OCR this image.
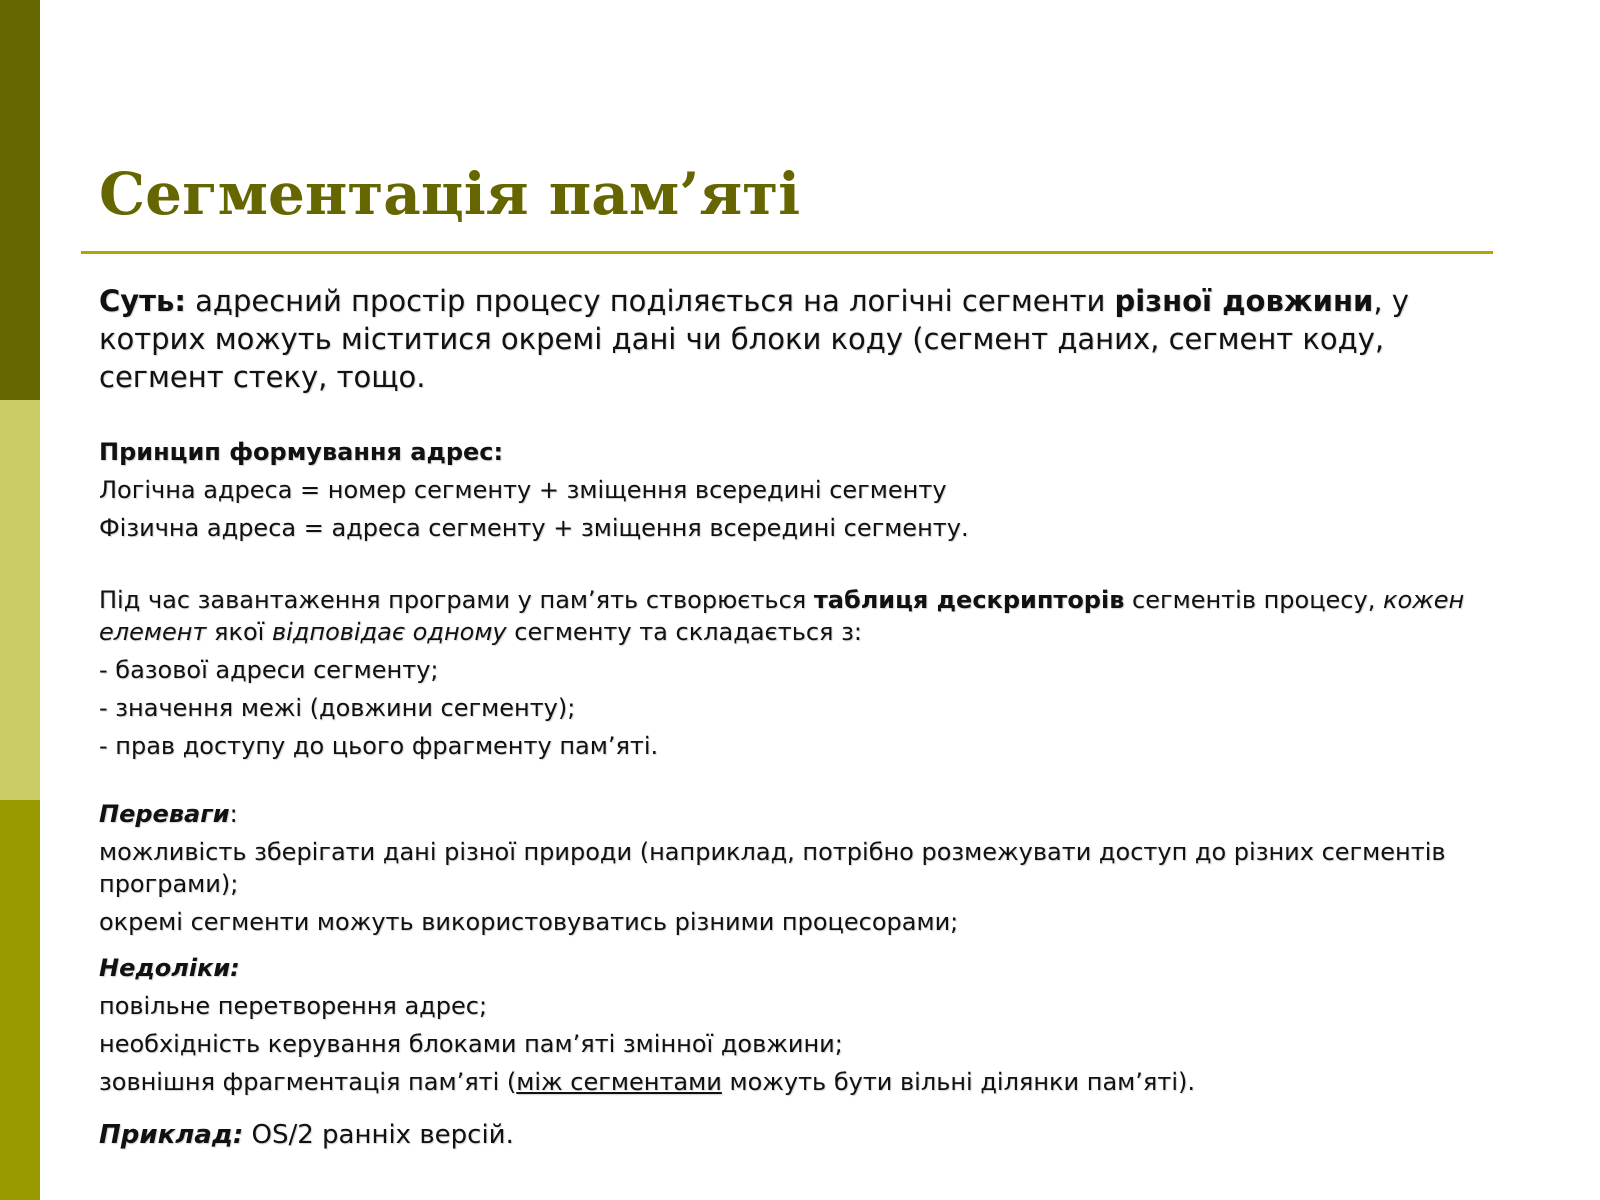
Сегментація пам’яті

Суть: адресний простір процесу поділяється на логічні сегменти різної довжини, у котрих можуть міститися окремі дані чи блоки коду (сегмент даних, сегмент коду, сегмент стеку, тощо.

Принцип формування адрес:

Логічна адреса = номер сегменту + зміщення всередині сегменту

Фізична адреса = адреса сегменту + зміщення всередині сегменту.

Під час завантаження програми у пам’ять створюється таблиця дескрипторів сегментів процесу, кожен елемент якої відповідає одному сегменту та складається з:

- базової адреси сегменту;

- значення межі (довжини сегменту);

- прав доступу до цього фрагменту пам’яті.

Переваги:

можливість зберігати дані різної природи (наприклад, потрібно розмежувати доступ до різних сегментів програми);

окремі сегменти можуть використовуватись різними процесорами;

Недоліки:

повільне перетворення адрес;

необхідність керування блоками пам’яті змінної довжини;

зовнішня фрагментація пам’яті (між сегментами можуть бути вільні ділянки пам’яті).

Приклад: OS/2 ранніх версій.
